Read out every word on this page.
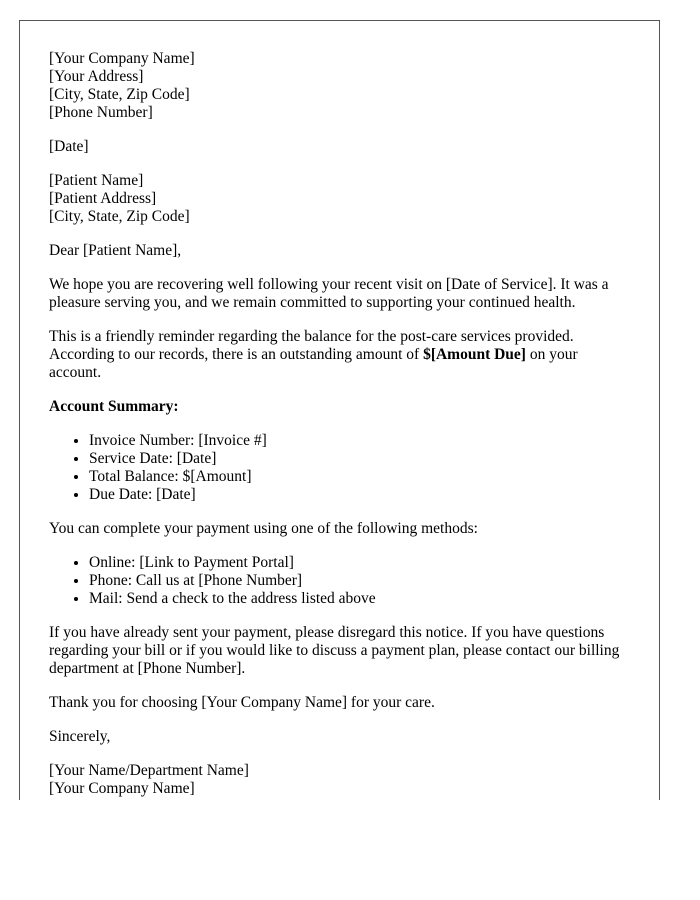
[Your Company Name]
[Your Address]
[City, State, Zip Code]
[Phone Number]

[Date]

[Patient Name]
[Patient Address]
[City, State, Zip Code]

Dear [Patient Name],

We hope you are recovering well following your recent visit on [Date of Service]. It was a pleasure serving you, and we remain committed to supporting your continued health.

This is a friendly reminder regarding the balance for the post-care services provided. According to our records, there is an outstanding amount of $[Amount Due] on your account.

Account Summary:

• Invoice Number: [Invoice #]
• Service Date: [Date]
• Total Balance: $[Amount]
• Due Date: [Date]

You can complete your payment using one of the following methods:

• Online: [Link to Payment Portal]
• Phone: Call us at [Phone Number]
• Mail: Send a check to the address listed above

If you have already sent your payment, please disregard this notice. If you have questions regarding your bill or if you would like to discuss a payment plan, please contact our billing department at [Phone Number].

Thank you for choosing [Your Company Name] for your care.

Sincerely,

[Your Name/Department Name]
[Your Company Name]
